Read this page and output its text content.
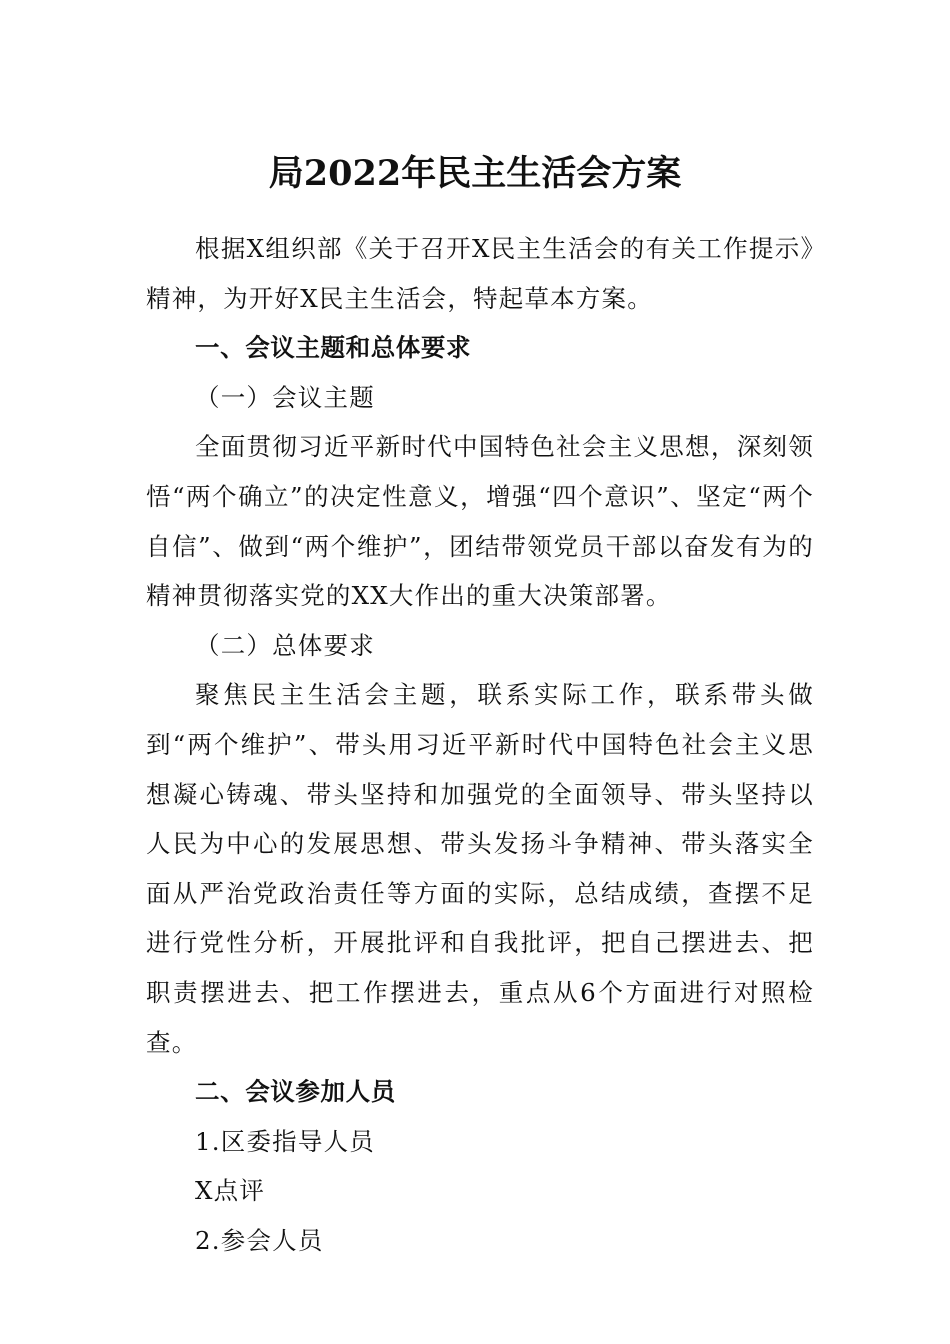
局2022年民主生活会方案

根据X组织部《关于召开X民主生活会的有关工作提示》精神，为开好X民主生活会，特起草本方案。

一、会议主题和总体要求

（一）会议主题

全面贯彻习近平新时代中国特色社会主义思想，深刻领悟“两个确立”的决定性意义，增强“四个意识”、坚定“两个自信”、做到“两个维护”，团结带领党员干部以奋发有为的精神贯彻落实党的XX大作出的重大决策部署。

（二）总体要求

聚焦民主生活会主题，联系实际工作，联系带头做到“两个维护”、带头用习近平新时代中国特色社会主义思想凝心铸魂、带头坚持和加强党的全面领导、带头坚持以人民为中心的发展思想、带头发扬斗争精神、带头落实全面从严治党政治责任等方面的实际，总结成绩，查摆不足进行党性分析，开展批评和自我批评，把自己摆进去、把职责摆进去、把工作摆进去，重点从6个方面进行对照检查。

二、会议参加人员

1.区委指导人员

X点评

2.参会人员
